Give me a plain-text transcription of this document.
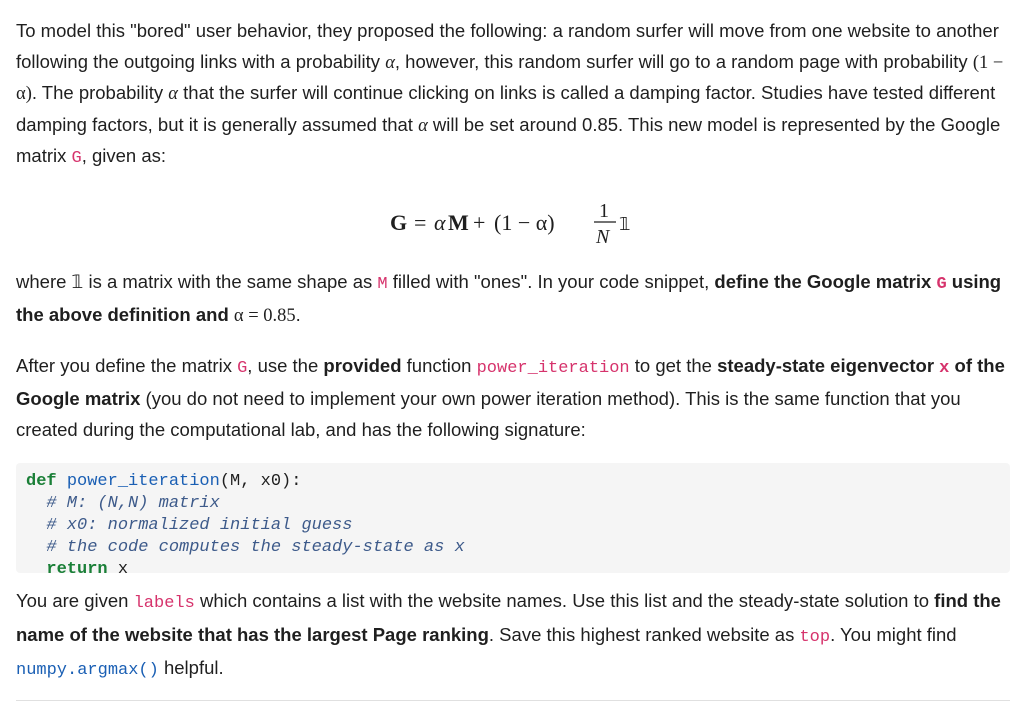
To model this "bored" user behavior, they proposed the following: a random surfer will move from one website to another following the outgoing links with a probability α, however, this random surfer will go to a random page with probability (1 − α). The probability α that the surfer will continue clicking on links is called a damping factor. Studies have tested different damping factors, but it is generally assumed that α will be set around 0.85. This new model is represented by the Google matrix G, given as:

G = α M + (1 − α) 1
N
𝟙

where 𝟙 is a matrix with the same shape as M filled with "ones". In your code snippet, define the Google matrix G using the above definition and α = 0.85.

After you define the matrix G, use the provided function power_iteration to get the steady-state eigenvector x of the Google matrix (you do not need to implement your own power iteration method). This is the same function that you created during the computational lab, and has the following signature:

def power_iteration(M, x0):
# M: (N,N) matrix
# x0: normalized initial guess
# the code computes the steady-state as x
return x

You are given labels which contains a list with the website names. Use this list and the steady-state solution to find the name of the website that has the largest Page ranking. Save this highest ranked website as top. You might find numpy.argmax() helpful.
